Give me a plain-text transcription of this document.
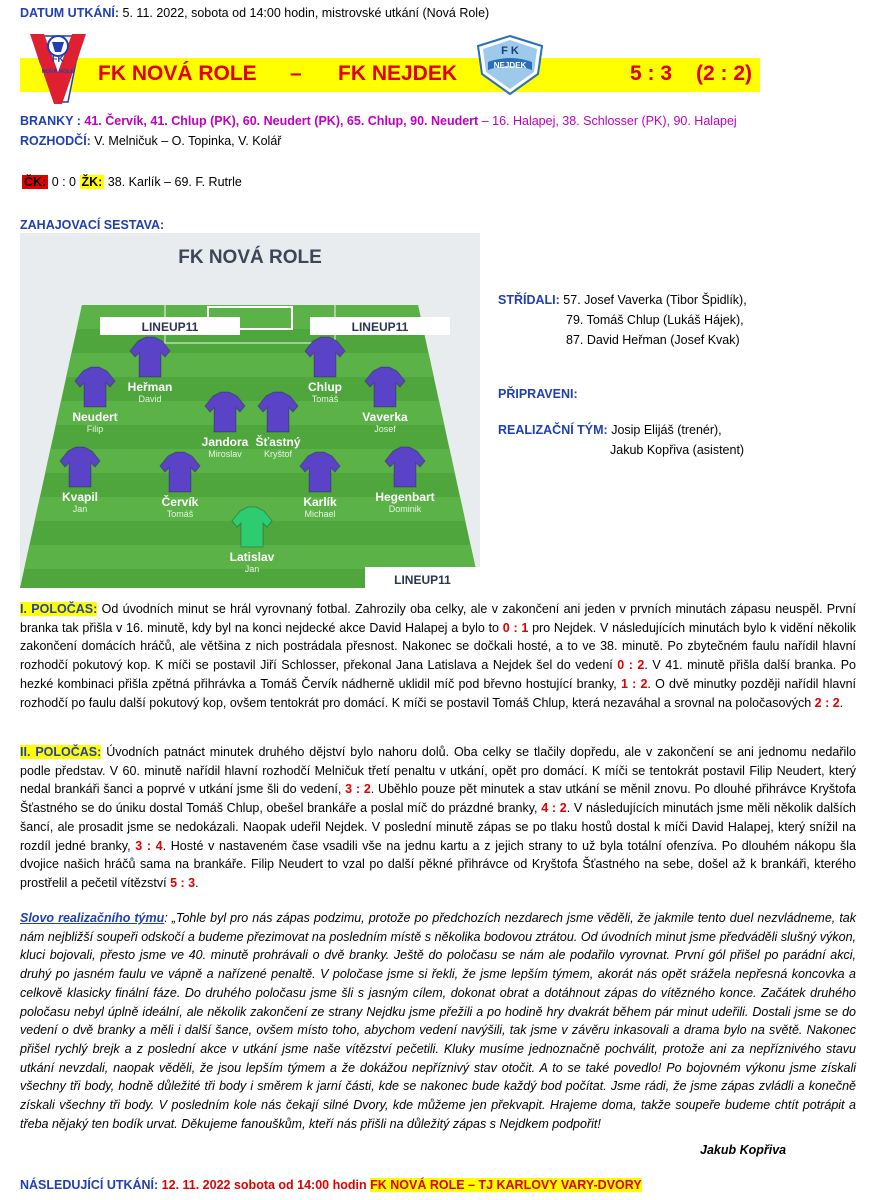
DATUM UTKÁNÍ: 5. 11. 2022, sobota od 14:00 hodin, mistrovské utkání (Nová Role)
FK NOVÁ ROLE – FK NEJDEK	5 : 3 (2 : 2)
FK
NOVÁ ROLE
F K
NEJDEK
BRANKY : 41. Červík, 41. Chlup (PK), 60. Neudert (PK), 65. Chlup, 90. Neudert – 16. Halapej, 38. Schlosser (PK), 90. Halapej
ROZHODČÍ: V. Melničuk – O. Topinka, V. Kolář
ČK: 0 : 0 ŽK: 38. Karlík – 69. F. Rutrle
ZAHAJOVACÍ SESTAVA:
FK NOVÁ ROLE
LINEUP11	LINEUP11
LINEUP11
Heřman
David
Chlup
Tomáš
Neudert
Filip
Vaverka
Josef
Jandora
Miroslav
Šťastný
Kryštof
Kvapil
Jan
Hegenbart
Dominik
Červík
Tomáš
Karlík
Michael
Latislav
Jan
STŘÍDALI: 57. Josef Vaverka (Tibor Špidlík),
79. Tomáš Chlup (Lukáš Hájek),
87. David Heřman (Josef Kvak)
PŘIPRAVENI:
REALIZAČNÍ TÝM: Josip Elijáš (trenér),
Jakub Kopřiva (asistent)
I. POLOČAS: Od úvodních minut se hrál vyrovnaný fotbal. Zahrozily oba celky, ale v zakončení ani jeden v prvních minutách zápasu neuspěl. První branka tak přišla v 16. minutě, kdy byl na konci nejdecké akce David Halapej a bylo to 0 : 1 pro Nejdek. V následujících minutách bylo k vidění několik zakončení domácích hráčů, ale většina z nich postrádala přesnost. Nakonec se dočkali hosté, a to ve 38. minutě. Po zbytečném faulu nařídil hlavní rozhodčí pokutový kop. K míči se postavil Jiří Schlosser, překonal Jana Latislava a Nejdek šel do vedení 0 : 2. V 41. minutě přišla další branka. Po hezké kombinaci přišla zpětná přihrávka a Tomáš Červík nádherně uklidil míč pod břevno hostující branky, 1 : 2. O dvě minutky později nařídil hlavní rozhodčí po faulu další pokutový kop, ovšem tentokrát pro domácí. K míči se postavil Tomáš Chlup, která nezaváhal a srovnal na poločasových 2 : 2.
II. POLOČAS: Úvodních patnáct minutek druhého dějství bylo nahoru dolů. Oba celky se tlačily dopředu, ale v zakončení se ani jednomu nedařilo podle představ. V 60. minutě nařídil hlavní rozhodčí Melničuk třetí penaltu v utkání, opět pro domácí. K míči se tentokrát postavil Filip Neudert, který nedal brankáři šanci a poprvé v utkání jsme šli do vedení, 3 : 2. Uběhlo pouze pět minutek a stav utkání se měnil znovu. Po dlouhé přihrávce Kryštofa Šťastného se do úniku dostal Tomáš Chlup, obešel brankáře a poslal míč do prázdné branky, 4 : 2. V následujících minutách jsme měli několik dalších šancí, ale prosadit jsme se nedokázali. Naopak udeřil Nejdek. V poslední minutě zápas se po tlaku hostů dostal k míči David Halapej, který snížil na rozdíl jedné branky, 3 : 4. Hosté v nastaveném čase vsadili vše na jednu kartu a z jejich strany to už byla totální ofenzíva. Po dlouhém nákopu šla dvojice našich hráčů sama na brankáře. Filip Neudert to vzal po další pěkné přihrávce od Kryštofa Šťastného na sebe, došel až k brankáři, kterého prostřelil a pečetil vítězství 5 : 3.
Slovo realizačního týmu: „Tohle byl pro nás zápas podzimu, protože po předchozích nezdarech jsme věděli, že jakmile tento duel nezvládneme, tak nám nejbližší soupeři odskočí a budeme přezimovat na posledním místě s několika bodovou ztrátou. Od úvodních minut jsme předváděli slušný výkon, kluci bojovali, přesto jsme ve 40. minutě prohrávali o dvě branky. Ještě do poločasu se nám ale podařilo vyrovnat. První gól přišel po parádní akci, druhý po jasném faulu ve vápně a nařízené penaltě. V poločase jsme si řekli, že jsme lepším týmem, akorát nás opět srážela nepřesná koncovka a celkově klasicky finální fáze. Do druhého poločasu jsme šli s jasným cílem, dokonat obrat a dotáhnout zápas do vítězného konce. Začátek druhého poločasu nebyl úplně ideální, ale několik zakončení ze strany Nejdku jsme přežili a po hodině hry dvakrát během pár minut udeřili. Dostali jsme se do vedení o dvě branky a měli i další šance, ovšem místo toho, abychom vedení navýšili, tak jsme v závěru inkasovali a drama bylo na světě. Nakonec přišel rychlý brejk a z poslední akce v utkání jsme naše vítězství pečetili. Kluky musíme jednoznačně pochválit, protože ani za nepříznivého stavu utkání nevzdali, naopak věděli, že jsou lepším týmem a že dokážou nepříznivý stav otočit. A to se také povedlo! Po bojovném výkonu jsme získali všechny tři body, hodně důležité tři body i směrem k jarní části, kde se nakonec bude každý bod počítat. Jsme rádi, že jsme zápas zvládli a konečně získali všechny tři body. V posledním kole nás čekají silné Dvory, kde můžeme jen překvapit. Hrajeme doma, takže soupeře budeme chtít potrápit a třeba nějaký ten bodík urvat. Děkujeme fanouškům, kteří nás přišli na důležitý zápas s Nejdkem podpořit!
Jakub Kopřiva
NÁSLEDUJÍCÍ UTKÁNÍ: 12. 11. 2022 sobota od 14:00 hodin FK NOVÁ ROLE – TJ KARLOVY VARY-DVORY
